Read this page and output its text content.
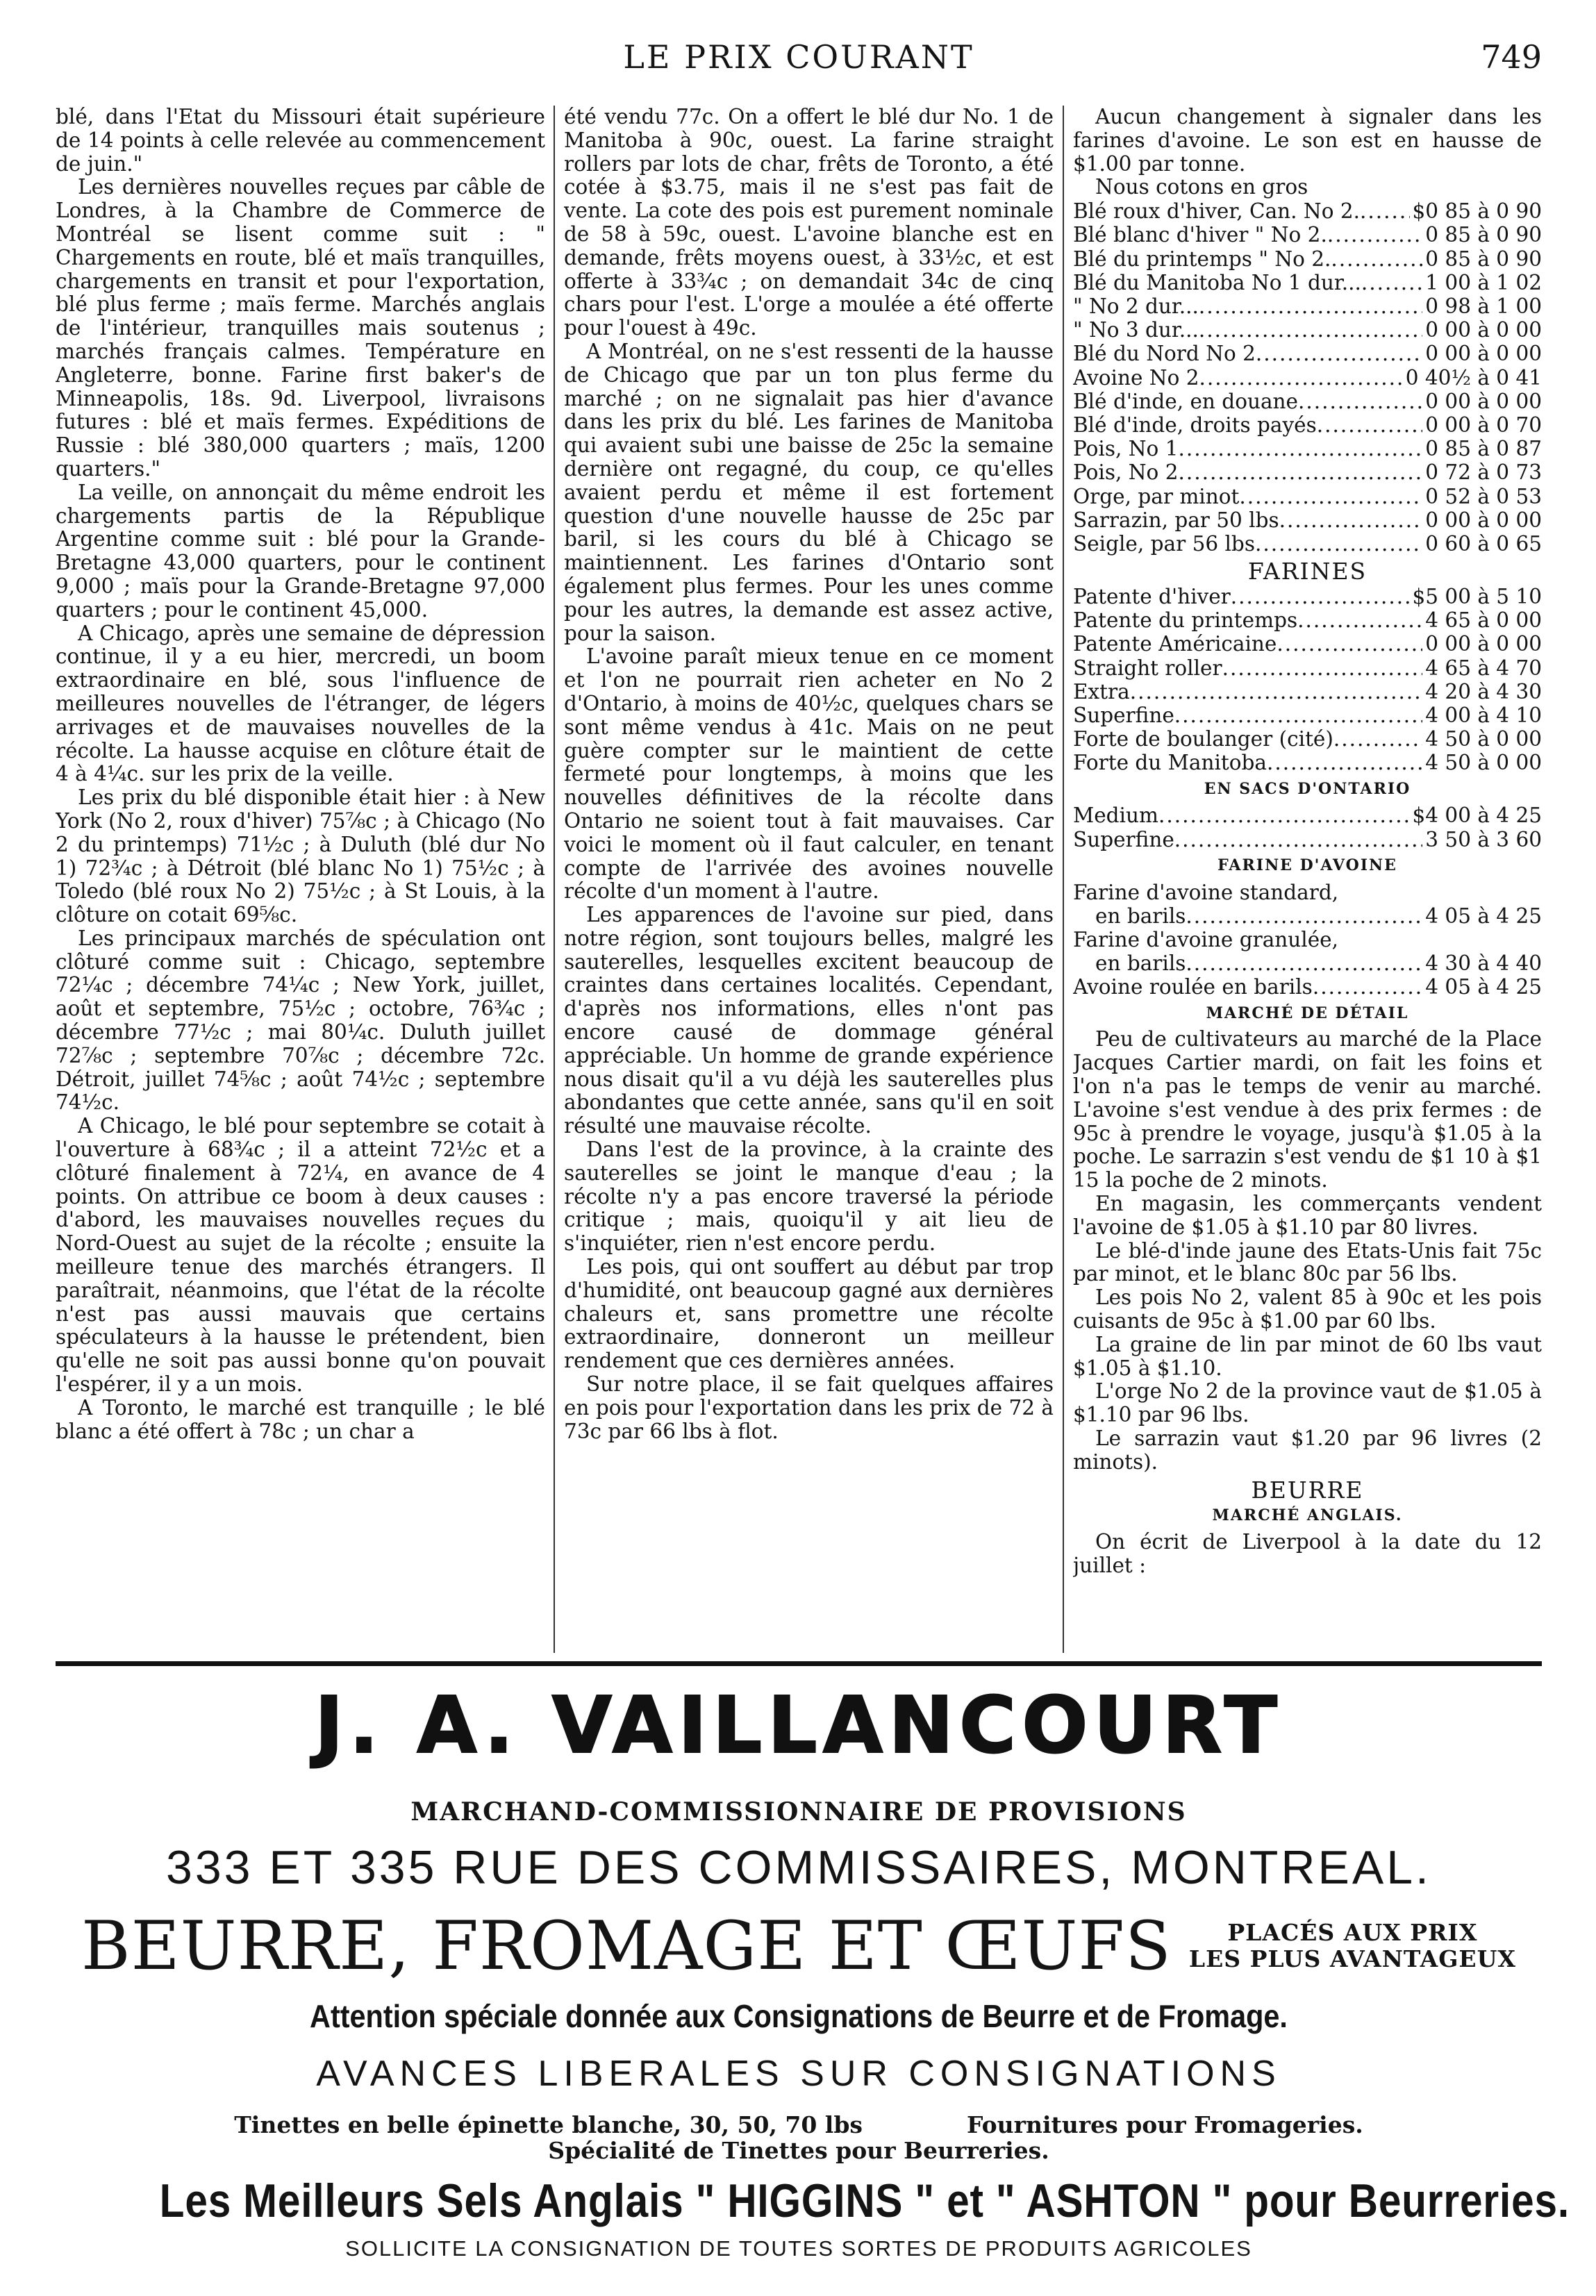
LE PRIX COURANT	749

blé, dans l'Etat du Missouri était supérieure de 14 points à celle relevée au commencement de juin."

Les dernières nouvelles reçues par câble de Londres, à la Chambre de Commerce de Montréal se lisent comme suit : " Chargements en route, blé et maïs tranquilles, chargements en transit et pour l'exportation, blé plus ferme ; maïs ferme. Marchés anglais de l'intérieur, tranquilles mais soutenus ; marchés français calmes. Température en Angleterre, bonne. Farine first baker's de Minneapolis, 18s. 9d. Liverpool, livraisons futures : blé et maïs fermes. Expéditions de Russie : blé 380,000 quarters ; maïs, 1200 quarters."

La veille, on annonçait du même endroit les chargements partis de la République Argentine comme suit : blé pour la Grande-Bretagne 43,000 quarters, pour le continent 9,000 ; maïs pour la Grande-Bretagne 97,000 quarters ; pour le continent 45,000.

A Chicago, après une semaine de dépression continue, il y a eu hier, mercredi, un boom extraordinaire en blé, sous l'influence de meilleures nouvelles de l'étranger, de légers arrivages et de mauvaises nouvelles de la récolte. La hausse acquise en clôture était de 4 à 4¼c. sur les prix de la veille.

Les prix du blé disponible était hier : à New York (No 2, roux d'hiver) 75⅞c ; à Chicago (No 2 du printemps) 71½c ; à Duluth (blé dur No 1) 72¾c ; à Détroit (blé blanc No 1) 75½c ; à Toledo (blé roux No 2) 75½c ; à St Louis, à la clôture on cotait 69⅝c.

Les principaux marchés de spéculation ont clôturé comme suit : Chicago, septembre 72¼c ; décembre 74¼c ; New York, juillet, août et septembre, 75½c ; octobre, 76¾c ; décembre 77½c ; mai 80¼c. Duluth juillet 72⅞c ; septembre 70⅞c ; décembre 72c. Détroit, juillet 74⅝c ; août 74½c ; septembre 74½c.

A Chicago, le blé pour septembre se cotait à l'ouverture à 68¾c ; il a atteint 72½c et a clôturé finalement à 72¼, en avance de 4 points. On attribue ce boom à deux causes : d'abord, les mauvaises nouvelles reçues du Nord-Ouest au sujet de la récolte ; ensuite la meilleure tenue des marchés étrangers. Il paraîtrait, néanmoins, que l'état de la récolte n'est pas aussi mauvais que certains spéculateurs à la hausse le prétendent, bien qu'elle ne soit pas aussi bonne qu'on pouvait l'espérer, il y a un mois.

A Toronto, le marché est tranquille ; le blé blanc a été offert à 78c ; un char a

été vendu 77c. On a offert le blé dur No. 1 de Manitoba à 90c, ouest. La farine straight rollers par lots de char, frêts de Toronto, a été cotée à $3.75, mais il ne s'est pas fait de vente. La cote des pois est purement nominale de 58 à 59c, ouest. L'avoine blanche est en demande, frêts moyens ouest, à 33½c, et est offerte à 33¾c ; on demandait 34c de cinq chars pour l'est. L'orge a moulée a été offerte pour l'ouest à 49c.

A Montréal, on ne s'est ressenti de la hausse de Chicago que par un ton plus ferme du marché ; on ne signalait pas hier d'avance dans les prix du blé. Les farines de Manitoba qui avaient subi une baisse de 25c la semaine dernière ont regagné, du coup, ce qu'elles avaient perdu et même il est fortement question d'une nouvelle hausse de 25c par baril, si les cours du blé à Chicago se maintiennent. Les farines d'Ontario sont également plus fermes. Pour les unes comme pour les autres, la demande est assez active, pour la saison.

L'avoine paraît mieux tenue en ce moment et l'on ne pourrait rien acheter en No 2 d'Ontario, à moins de 40½c, quelques chars se sont même vendus à 41c. Mais on ne peut guère compter sur le maintient de cette fermeté pour longtemps, à moins que les nouvelles définitives de la récolte dans Ontario ne soient tout à fait mauvaises. Car voici le moment où il faut calculer, en tenant compte de l'arrivée des avoines nouvelle récolte d'un moment à l'autre.

Les apparences de l'avoine sur pied, dans notre région, sont toujours belles, malgré les sauterelles, lesquelles excitent beaucoup de craintes dans certaines localités. Cependant, d'après nos informations, elles n'ont pas encore causé de dommage général appréciable. Un homme de grande expérience nous disait qu'il a vu déjà les sauterelles plus abondantes que cette année, sans qu'il en soit résulté une mauvaise récolte.

Dans l'est de la province, à la crainte des sauterelles se joint le manque d'eau ; la récolte n'y a pas encore traversé la période critique ; mais, quoiqu'il y ait lieu de s'inquiéter, rien n'est encore perdu.

Les pois, qui ont souffert au début par trop d'humidité, ont beaucoup gagné aux dernières chaleurs et, sans promettre une récolte extraordinaire, donneront un meilleur rendement que ces dernières années.

Sur notre place, il se fait quelques affaires en pois pour l'exportation dans les prix de 72 à 73c par 66 lbs à flot.

Aucun changement à signaler dans les farines d'avoine. Le son est en hausse de $1.00 par tonne.

Nous cotons en gros

Blé roux d'hiver, Can. No 2. .....	$0 85 à 0 90
Blé blanc d'hiver " No 2. .....	0 85 à 0 90
Blé du printemps " No 2. .....	0 85 à 0 90
Blé du Manitoba No 1 dur... .....	1 00 à 1 02
" No 2 dur... .....	0 98 à 1 00
" No 3 dur... .....	0 00 à 0 00
Blé du Nord No 2 .....	0 00 à 0 00
Avoine No 2 .....	0 40½ à 0 41
Blé d'inde, en douane .....	0 00 à 0 00
Blé d'inde, droits payés .....	0 00 à 0 70
Pois, No 1 .....	0 85 à 0 87
Pois, No 2 .....	0 72 à 0 73
Orge, par minot .....	0 52 à 0 53
Sarrazin, par 50 lbs .....	0 00 à 0 00
Seigle, par 56 lbs .....	0 60 à 0 65
FARINES
Patente d'hiver .....	$5 00 à 5 10
Patente du printemps .....	4 65 à 0 00
Patente Américaine .....	0 00 à 0 00
Straight roller .....	4 65 à 4 70
Extra .....	4 20 à 4 30
Superfine .....	4 00 à 4 10
Forte de boulanger (cité) .....	4 50 à 0 00
Forte du Manitoba .....	4 50 à 0 00
EN SACS D'ONTARIO
Medium .....	$4 00 à 4 25
Superfine .....	3 50 à 3 60
FARINE D'AVOINE
Farine d'avoine standard,
en barils .....	4 05 à 4 25
Farine d'avoine granulée,
en barils .....	4 30 à 4 40
Avoine roulée en barils .....	4 05 à 4 25
MARCHÉ DE DÉTAIL

Peu de cultivateurs au marché de la Place Jacques Cartier mardi, on fait les foins et l'on n'a pas le temps de venir au marché. L'avoine s'est vendue à des prix fermes : de 95c à prendre le voyage, jusqu'à $1.05 à la poche. Le sarrazin s'est vendu de $1 10 à $1 15 la poche de 2 minots.

En magasin, les commerçants vendent l'avoine de $1.05 à $1.10 par 80 livres.

Le blé-d'inde jaune des Etats-Unis fait 75c par minot, et le blanc 80c par 56 lbs.

Les pois No 2, valent 85 à 90c et les pois cuisants de 95c à $1.00 par 60 lbs.

La graine de lin par minot de 60 lbs vaut $1.05 à $1.10.

L'orge No 2 de la province vaut de $1.05 à $1.10 par 96 lbs.

Le sarrazin vaut $1.20 par 96 livres (2 minots).

BEURRE
MARCHÉ ANGLAIS.

On écrit de Liverpool à la date du 12 juillet :

J. A. VAILLANCOURT
MARCHAND-COMMISSIONNAIRE DE PROVISIONS
333 ET 335 RUE DES COMMISSAIRES, MONTREAL.
BEURRE, FROMAGE ET ŒUFS PLACÉS AUX PRIX
LES PLUS AVANTAGEUX
Attention spéciale donnée aux Consignations de Beurre et de Fromage.
AVANCES LIBERALES SUR CONSIGNATIONS
Tinettes en belle épinette blanche, 30, 50, 70 lbs	Fournitures pour Fromageries.
Spécialité de Tinettes pour Beurreries.
Les Meilleurs Sels Anglais " HIGGINS " et " ASHTON " pour Beurreries.
SOLLICITE LA CONSIGNATION DE TOUTES SORTES DE PRODUITS AGRICOLES
